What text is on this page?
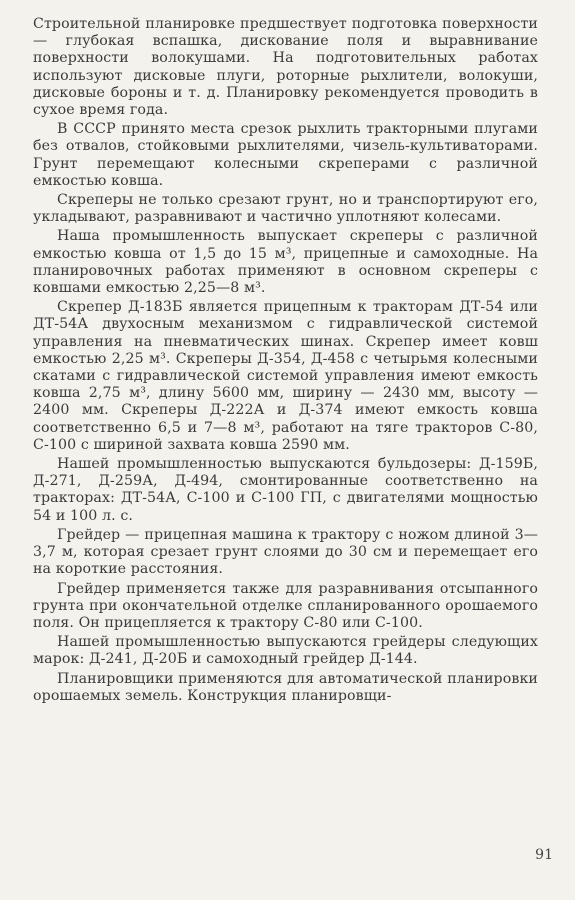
Строительной планировке предшествует подготовка поверхности — глубокая вспашка, дискование поля и выравнивание поверхности волокушами. На подготовительных работах используют дисковые плуги, роторные рыхлители, волокуши, дисковые бороны и т. д. Планировку рекомендуется проводить в сухое время года.

В СССР принято места срезок рыхлить тракторными плугами без отвалов, стойковыми рыхлителями, чизель-культиваторами. Грунт перемещают колесными скреперами с различной емкостью ковша.

Скреперы не только срезают грунт, но и транспортируют его, укладывают, разравнивают и частично уплотняют колесами.

Наша промышленность выпускает скреперы с различной емкостью ковша от 1,5 до 15 м³, прицепные и самоходные. На планировочных работах применяют в основном скреперы с ковшами емкостью 2,25—8 м³.

Скрепер Д-183Б является прицепным к тракторам ДТ-54 или ДТ-54А двухосным механизмом с гидравлической системой управления на пневматических шинах. Скрепер имеет ковш емкостью 2,25 м³. Скреперы Д-354, Д-458 с четырьмя колесными скатами с гидравлической системой управления имеют емкость ковша 2,75 м³, длину 5600 мм, ширину — 2430 мм, высоту — 2400 мм. Скреперы Д-222А и Д-374 имеют емкость ковша соответственно 6,5 и 7—8 м³, работают на тяге тракторов С-80, С-100 с шириной захвата ковша 2590 мм.

Нашей промышленностью выпускаются бульдозеры: Д-159Б, Д-271, Д-259А, Д-494, смонтированные соответственно на тракторах: ДТ-54А, С-100 и С-100 ГП, с двигателями мощностью 54 и 100 л. с.

Грейдер — прицепная машина к трактору с ножом длиной 3—3,7 м, которая срезает грунт слоями до 30 см и перемещает его на короткие расстояния.

Грейдер применяется также для разравнивания отсыпанного грунта при окончательной отделке спланированного орошаемого поля. Он прицепляется к трактору С-80 или С-100.

Нашей промышленностью выпускаются грейдеры следующих марок: Д-241, Д-20Б и самоходный грейдер Д-144.

Планировщики применяются для автоматической планировки орошаемых земель. Конструкция планировщи-

91
